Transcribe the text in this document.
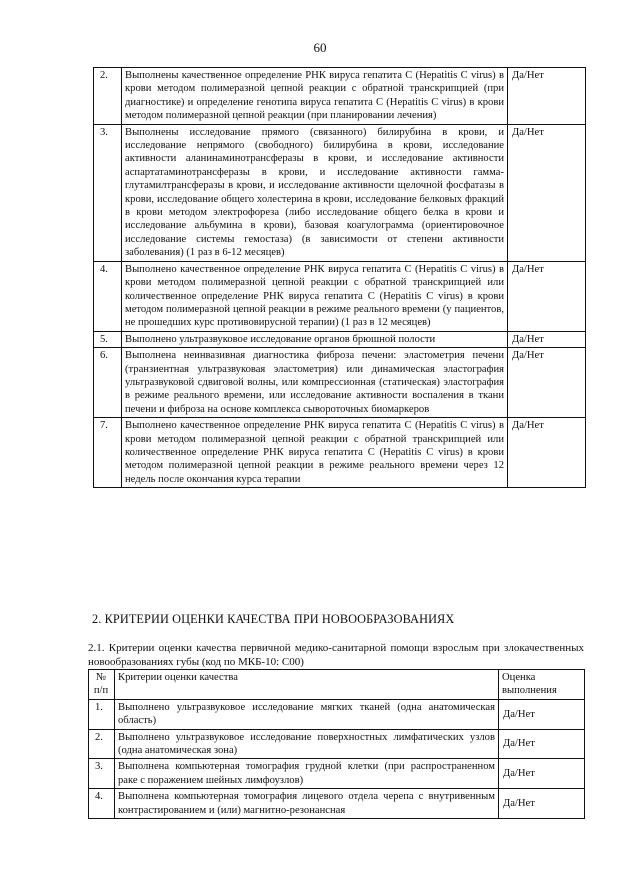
60
2.	Выполнены качественное определение РНК вируса гепатита С (Hepatitis C virus) в крови методом полимеразной цепной реакции с обратной транскрипцией (при диагностике) и определение генотипа вируса гепатита С (Hepatitis C virus) в крови методом полимеразной цепной реакции (при планировании лечения)	Да/Нет
3.	Выполнены исследование прямого (связанного) билирубина в крови, и исследование непрямого (свободного) билирубина в крови, исследование активности аланинаминотрансферазы в крови, и исследование активности аспартатаминотрансферазы в крови, и исследование активности гамма-глутамилтрансферазы в крови, и исследование активности щелочной фосфатазы в крови, исследование общего холестерина в крови, исследование белковых фракций в крови методом электрофореза (либо исследование общего белка в крови и исследование альбумина в крови), базовая коагулограмма (ориентировочное исследование системы гемостаза) (в зависимости от степени активности заболевания) (1 раз в 6-12 месяцев)	Да/Нет
4.	Выполнено качественное определение РНК вируса гепатита С (Hepatitis C virus) в крови методом полимеразной цепной реакции с обратной транскрипцией или количественное определение РНК вируса гепатита С (Hepatitis C virus) в крови методом полимеразной цепной реакции в режиме реального времени (у пациентов, не прошедших курс противовирусной терапии) (1 раз в 12 месяцев)	Да/Нет
5.	Выполнено ультразвуковое исследование органов брюшной полости	Да/Нет
6.	Выполнена неинвазивная диагностика фиброза печени: эластометрия печени (транзиентная ультразвуковая эластометрия) или динамическая эластография ультразвуковой сдвиговой волны, или компрессионная (статическая) эластография в режиме реального времени, или исследование активности воспаления в ткани печени и фиброза на основе комплекса сывороточных биомаркеров	Да/Нет
7.	Выполнено качественное определение РНК вируса гепатита С (Hepatitis C virus) в крови методом полимеразной цепной реакции с обратной транскрипцией или количественное определение РНК вируса гепатита С (Hepatitis C virus) в крови методом полимеразной цепной реакции в режиме реального времени через 12 недель после окончания курса терапии	Да/Нет
2. КРИТЕРИИ ОЦЕНКИ КАЧЕСТВА ПРИ НОВООБРАЗОВАНИЯХ
2.1. Критерии оценки качества первичной медико-санитарной помощи взрослым при злокачественных новообразованиях губы (код по МКБ-10: С00)
№ п/п	Критерии оценки качества	Оценка выполнения
1.	Выполнено ультразвуковое исследование мягких тканей (одна анатомическая область)	Да/Нет
2.	Выполнено ультразвуковое исследование поверхностных лимфатических узлов (одна анатомическая зона)	Да/Нет
3.	Выполнена компьютерная томография грудной клетки (при распространенном раке с поражением шейных лимфоузлов)	Да/Нет
4.	Выполнена компьютерная томография лицевого отдела черепа с внутривенным контрастированием и (или) магнитно-резонансная	Да/Нет
